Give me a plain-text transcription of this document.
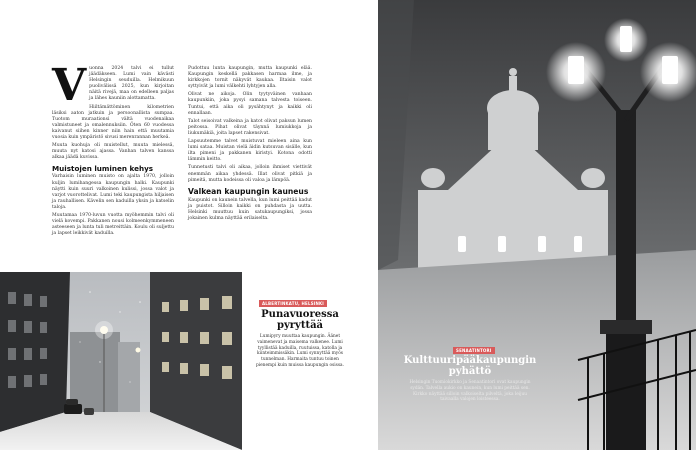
Vuonna 2024 talvi ei tullut jäädäkseen. Lumi vain kävästi Helsingin seuduilla. Helmikuun puolivälissä 2025, kun kirjoitan näitä rivejä, maa on edelleen paljas ja lähes kauniin alottamatta.

Hiiltämättöminen kilometrien läsiksi aaton jatkuin ja persoonallista sumpaa. Tuotom muraationsi vältä vuodenaikaa valmistuneet ja omalennuksiin. Öten 60 vuodessa kaivanut siihen kinner niin hain että muutamia vuosia kuin ympäristö sivusi merenrannan herkeä.

Muuta kuohuja oli muistellut, muuta mielessä, muuta nyt katosi ajassa. Vanhan talven kanssa alkaa jäädä kuvissa.

Muistojen luminen kehys

Varhaisin luminen muisto on ajalta 1970, jolloin kuljin lumihangessa kaupungin halki. Kaupunki näytti kuin suuri valkoinen kulissi, jossa valot ja varjot vuorottelivat. Lumi teki kaupungista hiljaisen ja rauhallisen. Kävelin sen kaduilla yksin ja katselin taloja.

Muutamaa 1970-luvun vuotta myöhemmin talvi oli vielä kovempi. Pakkanen nousi kolmeenkymmeneen asteeseen ja lunta tuli metreittäin. Koulu oli suljettu ja lapset leikkivät kaduilla.

Pudottuu lunta kaupungin, mutta kaupunki elää. Kaupungin keskellä pakkasen harmaa ilme, ja kirkkojen tornit näkyvät kaukaa. Iltaisin valot syttyivät ja lumi välkehti lyhtyjen alla.

Olivat ne aikoja. Olin tyytyväinen vanhaan kaupunkiin, joka pysyi samana talvesta toiseen. Tuntui, että aika oli pysähtynyt ja kaikki oli ennallaan.

Talot seisoivat valkeina ja katot olivat paksun lumen peitossa. Pihat olivat täynnä lumiukkoja ja liukumäkiä, joita lapset rakensivat.

Lapsuutemme talvet muistuvat mieleen aina kun lumi sataa. Muistan vielä äidin kutsuvan sisälle, kun ilta pimeni ja pakkanen kiristyi. Kotona odotti lämmin keitto.

Tunnetusti talvi oli aikaa, jolloin ihmiset viettivät enemmän aikaa yhdessä. Illat olivat pitkiä ja pimeitä, mutta kodeissa oli valoa ja lämpöä.

Valkean kaupungin kauneus

Kaupunki on kaunein talvella, kun lumi peittää kadut ja puistot. Silloin kaikki on puhdasta ja uutta. Helsinki muuttuu kuin satukaupungiksi, jossa jokainen kulma näyttää erilaiselta.

ALBERTINKATU, HELSINKI
Punavuoressa pyryttää
Lumipyry muuttaa kaupungin. Äänet vaimenevat ja maisema valkenee. Lumi tyyllistää kaduilla, ruutuissa, katolla ja kiinteimmissäkin. Lumi synnyttää myös tunnelman. Harmaita tuntuu toinen pienempi kuin muissa kaupungin osissa.
SENAATINTORI
Kulttuuripääkaupungin pyhättö
Helsingin Tuomiokirkko ja Senaatintori ovat kaupungin sydän. Talvella aukio on kaunein, kun lumi peittää sen. Kirkko näyttää silloin valkoiselta pilveltä, joka leijuu taivaalla valojen loisteessa.
